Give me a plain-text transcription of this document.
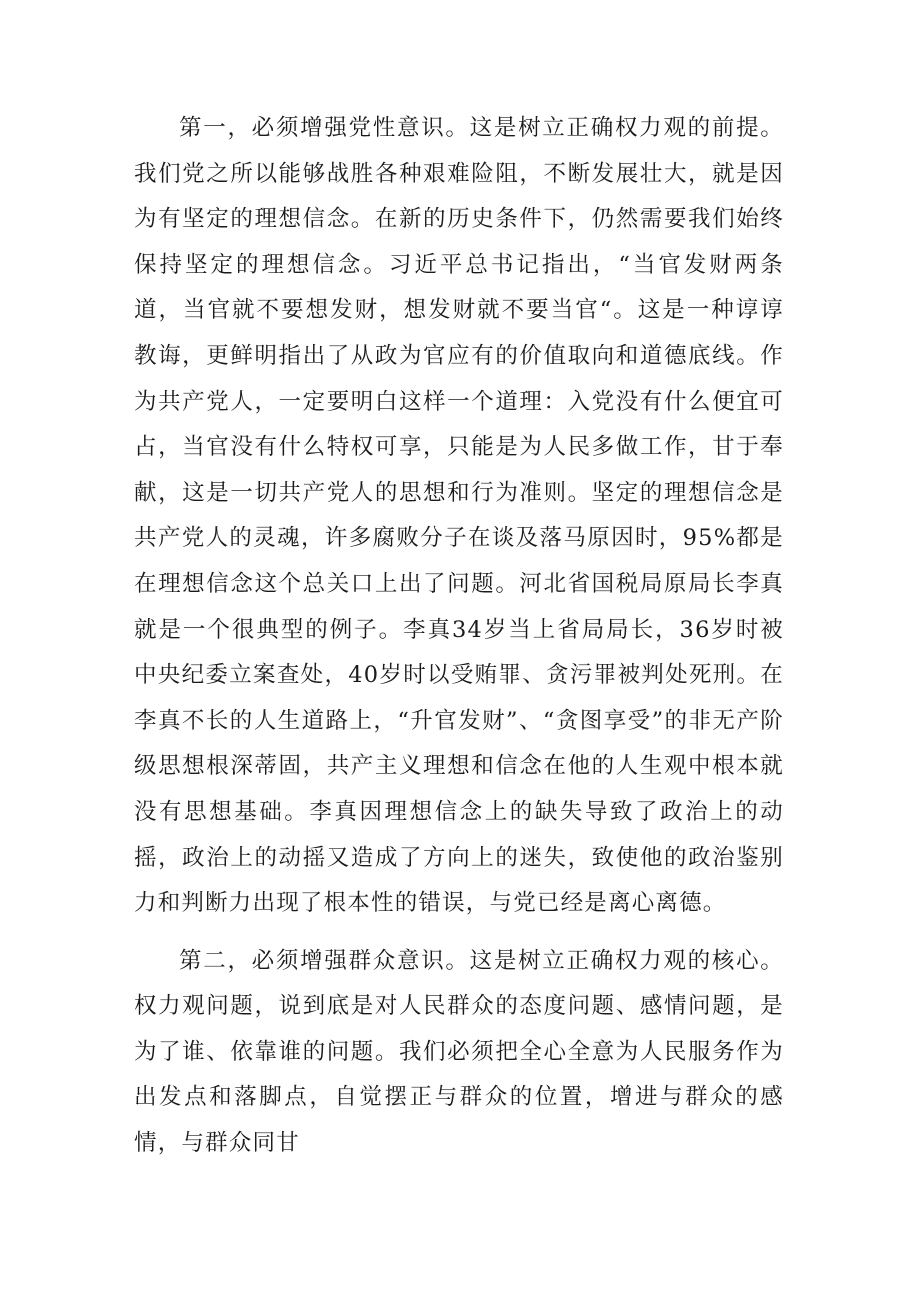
第一，必须增强党性意识。这是树立正确权力观的前提。我们党之所以能够战胜各种艰难险阻，不断发展壮大，就是因为有坚定的理想信念。在新的历史条件下，仍然需要我们始终保持坚定的理想信念。习近平总书记指出，“当官发财两条道，当官就不要想发财，想发财就不要当官“。这是一种谆谆教诲，更鲜明指出了从政为官应有的价值取向和道德底线。作为共产党人，一定要明白这样一个道理：入党没有什么便宜可占，当官没有什么特权可享，只能是为人民多做工作，甘于奉献，这是一切共产党人的思想和行为准则。坚定的理想信念是共产党人的灵魂，许多腐败分子在谈及落马原因时，95%都是在理想信念这个总关口上出了问题。河北省国税局原局长李真就是一个很典型的例子。李真34岁当上省局局长，36岁时被中央纪委立案查处，40岁时以受贿罪、贪污罪被判处死刑。在李真不长的人生道路上，“升官发财”、“贪图享受”的非无产阶级思想根深蒂固，共产主义理想和信念在他的人生观中根本就没有思想基础。李真因理想信念上的缺失导致了政治上的动摇，政治上的动摇又造成了方向上的迷失，致使他的政治鉴别力和判断力出现了根本性的错误，与党已经是离心离德。

第二，必须增强群众意识。这是树立正确权力观的核心。权力观问题，说到底是对人民群众的态度问题、感情问题，是为了谁、依靠谁的问题。我们必须把全心全意为人民服务作为出发点和落脚点，自觉摆正与群众的位置，增进与群众的感情，与群众同甘
